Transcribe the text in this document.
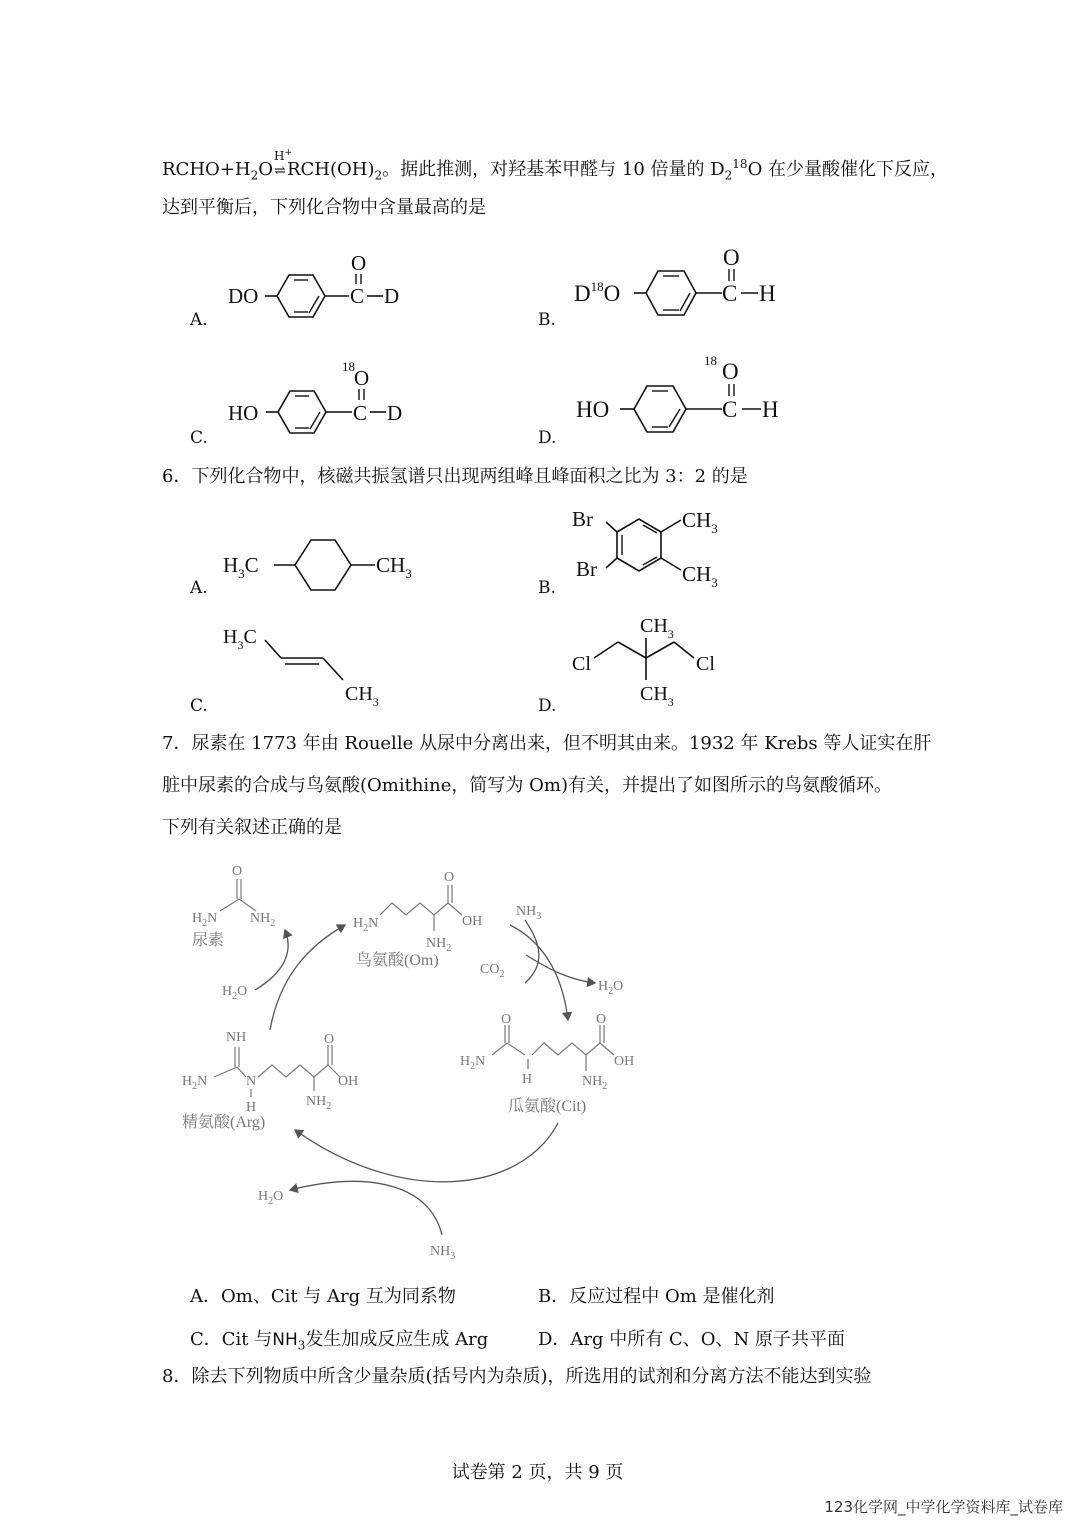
$RCHO+H_2O$
H+
$\rightleftharpoons RCH(OH)_2$。据此推测，对羟基苯甲醛与 10 倍量的 $D_2^{18}O$ 在少量酸催化下反应，
达到平衡后，下列化合物中含量最高的是
A.
DO	C
O
D
B.
$D^{18}O$	C
O
H
C.
HO	C
18 O
D
D.
HO	C
18 O
H
6．下列化合物中，核磁共振氢谱只出现两组峰且峰面积之比为 3：2 的是
A.
$H_3C$	$CH_3$
B.
Br
Br
$CH_3$
$CH_3$
C.
$H_3C$
$CH_3$	D.
Cl	Cl
$CH_3$
$CH_3$
7．尿素在 1773 年由 Rouelle 从尿中分离出来，但不明其由来。1932 年 Krebs 等人证实在肝
脏中尿素的合成与鸟氨酸(Omithine，简写为 Om)有关，并提出了如图所示的鸟氨酸循环。
下列有关叙述正确的是
O
$H_2N$ $NH_2$
尿素
$H_2N$
O
OH
$NH_2$
鸟氨酸(Om)
$H_2N$
O
H
O
OH
$NH_2$
瓜氨酸(Cit)
NH
$H_2N$	N
H
O
OH
$NH_2$
精氨酸(Arg)
$H_2O$
$NH_3$
$CO_2$
$H_2O$
$H_2O$
$NH_3$
A．Om、Cit 与 Arg 互为同系物	B．反应过程中 Om 是催化剂
C．Cit 与$NH_3$发生加成反应生成 Arg	D．Arg 中所有 C、O、N 原子共平面
8．除去下列物质中所含少量杂质(括号内为杂质)，所选用的试剂和分离方法不能达到实验
试卷第 2 页，共 9 页
123化学网_中学化学资料库_试卷库
